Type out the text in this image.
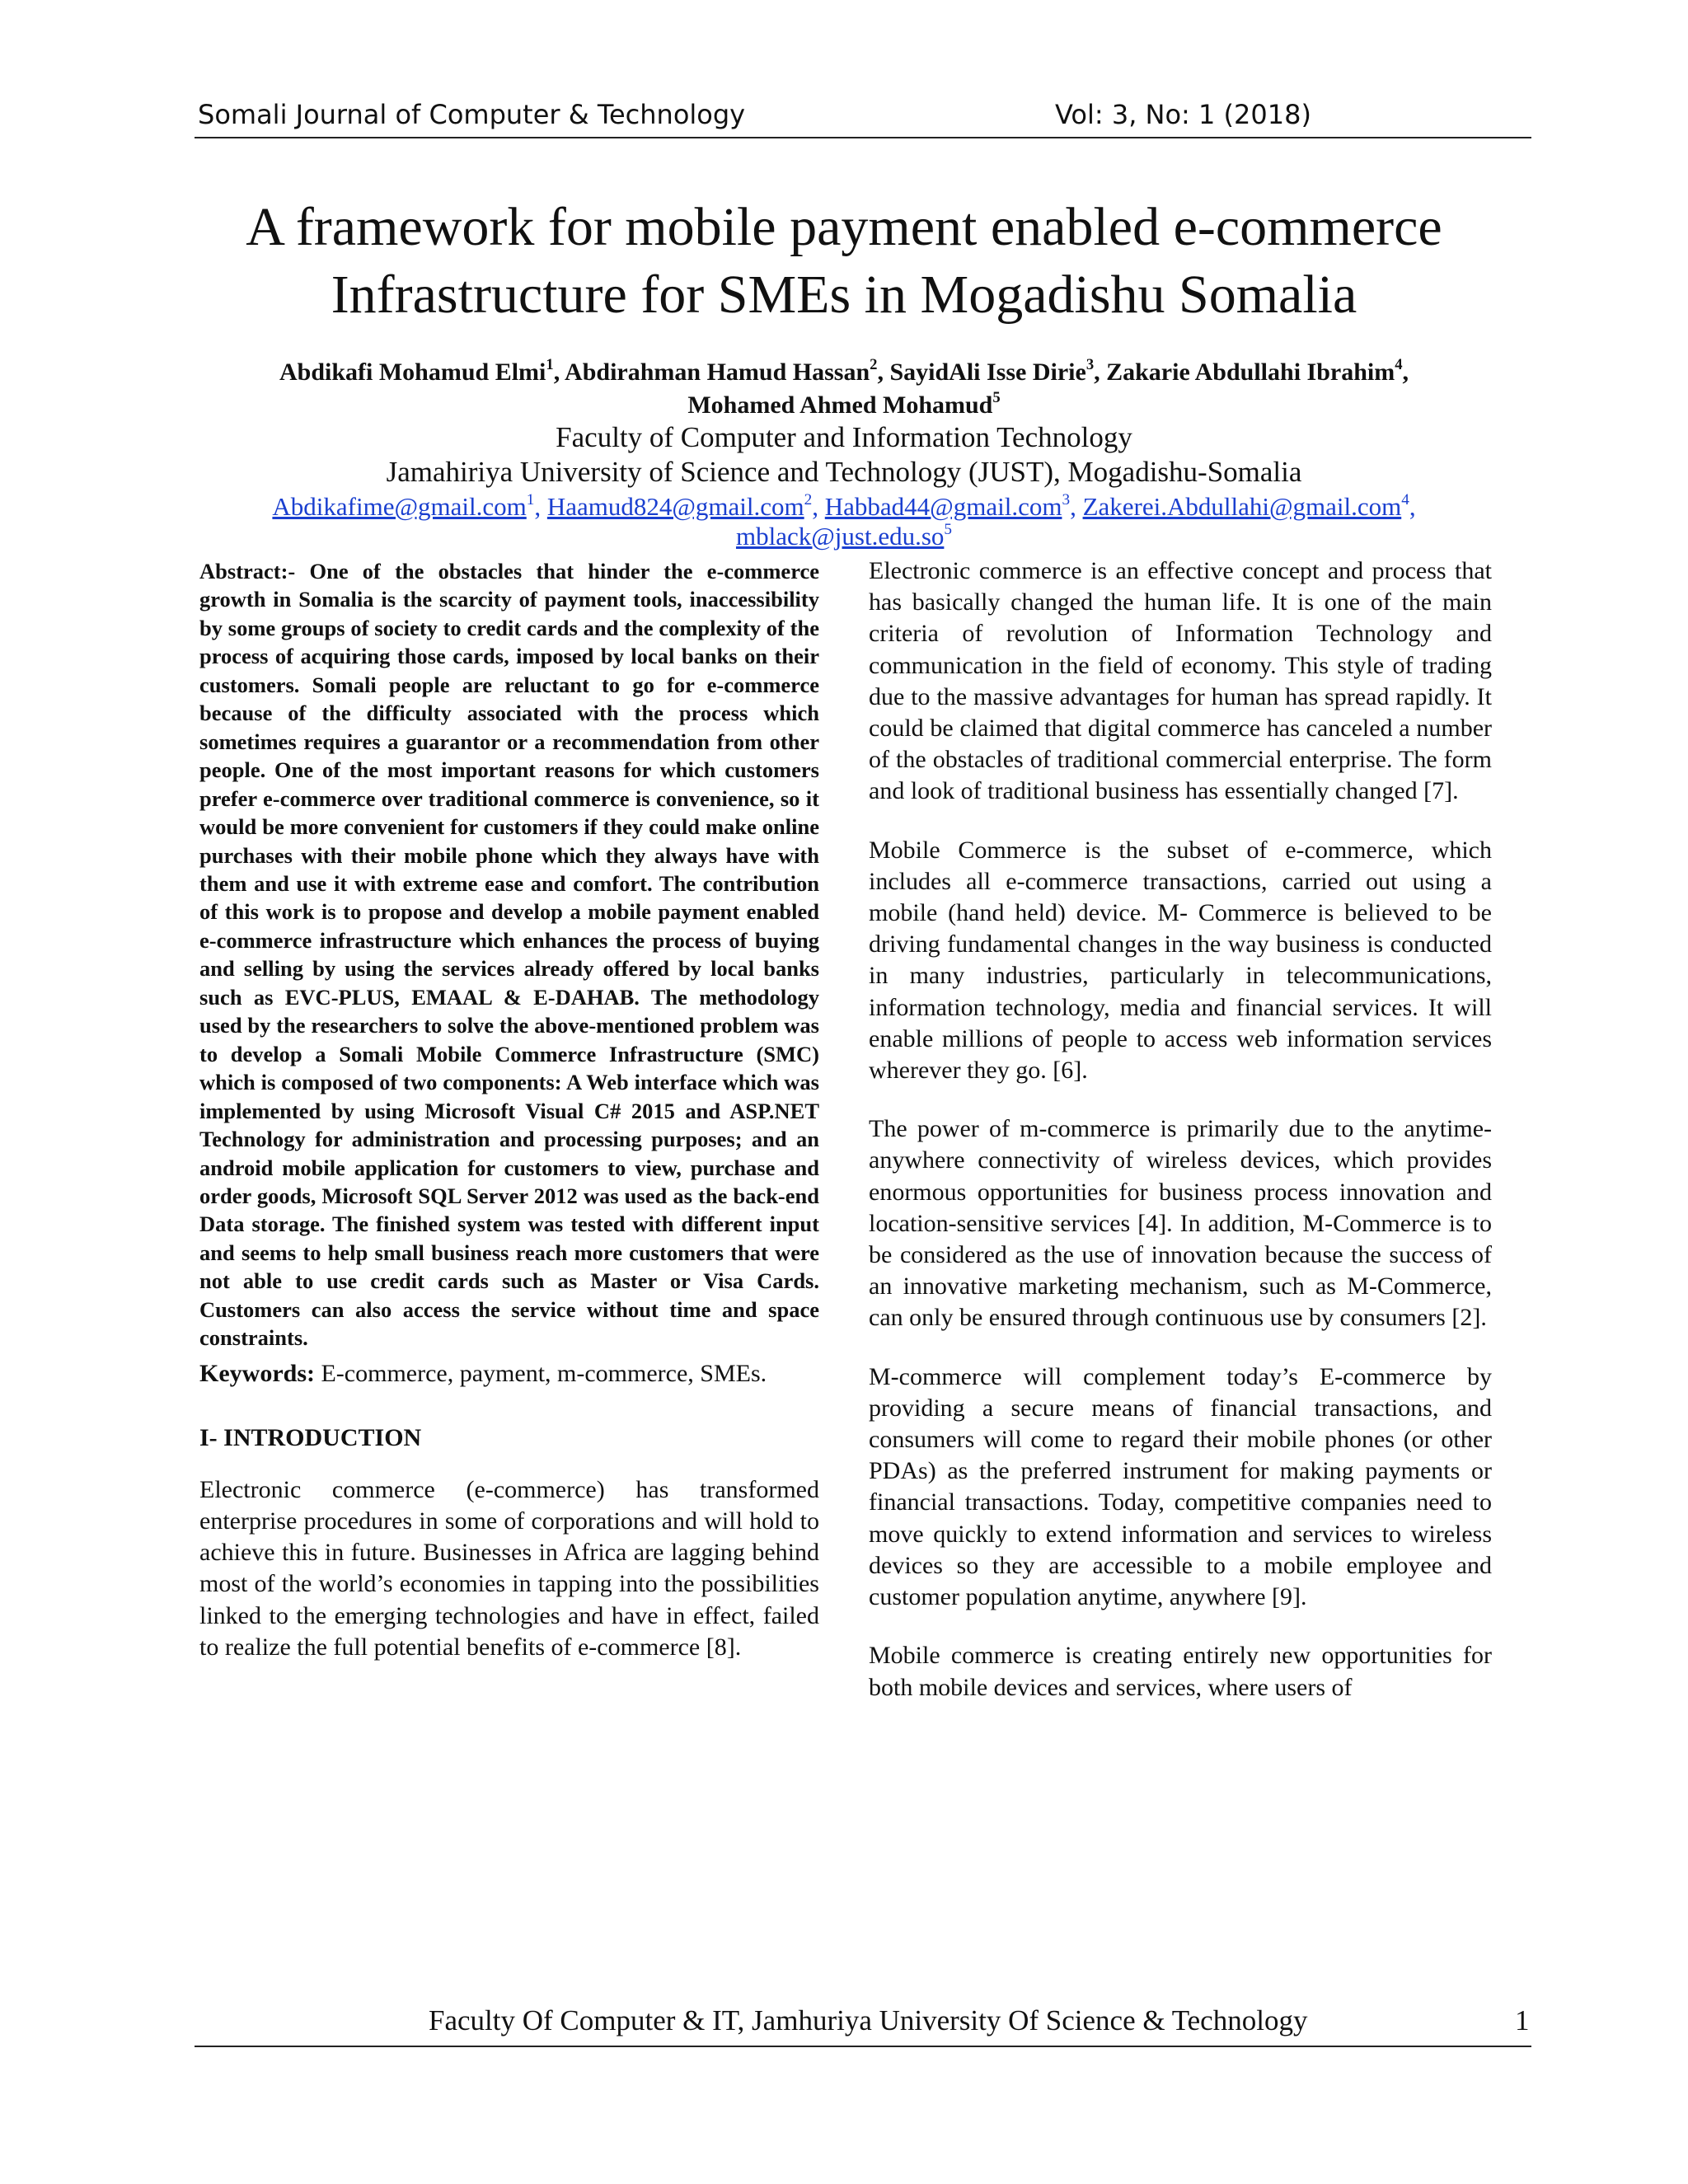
Somali Journal of Computer & Technology	Vol: 3, No: 1 (2018)
A framework for mobile payment enabled e-commerce
Infrastructure for SMEs in Mogadishu Somalia
Abdikafi Mohamud Elmi$^1$, Abdirahman Hamud Hassan$^2$, SayidAli Isse Dirie$^3$, Zakarie Abdullahi Ibrahim$^4$,
Mohamed Ahmed Mohamud$^5$
Faculty of Computer and Information Technology
Jamahiriya University of Science and Technology (JUST), Mogadishu-Somalia
Abdikafime@gmail.com$^1$, Haamud824@gmail.com$^2$, Habbad44@gmail.com$^3$, Zakerei.Abdullahi@gmail.com$^4$,
$mblack@just.edu.so^5$

Abstract:- One of the obstacles that hinder the e-commerce growth in Somalia is the scarcity of payment tools, inaccessibility by some groups of society to credit cards and the complexity of the process of acquiring those cards, imposed by local banks on their customers. Somali people are reluctant to go for e-commerce because of the difficulty associated with the process which sometimes requires a guarantor or a recommendation from other people. One of the most important reasons for which customers prefer e-commerce over traditional commerce is convenience, so it would be more convenient for customers if they could make online purchases with their mobile phone which they always have with them and use it with extreme ease and comfort. The contribution of this work is to propose and develop a mobile payment enabled e-commerce infrastructure which enhances the process of buying and selling by using the services already offered by local banks such as EVC-PLUS, EMAAL & E-DAHAB. The methodology used by the researchers to solve the above-mentioned problem was to develop a Somali Mobile Commerce Infrastructure (SMC) which is composed of two components: A Web interface which was implemented by using Microsoft Visual C# 2015 and ASP.NET Technology for administration and processing purposes; and an android mobile application for customers to view, purchase and order goods, Microsoft SQL Server 2012 was used as the back-end Data storage. The finished system was tested with different input and seems to help small business reach more customers that were not able to use credit cards such as Master or Visa Cards. Customers can also access the service without time and space constraints.

Keywords: E-commerce, payment, m-commerce, SMEs.

I- INTRODUCTION

Electronic commerce (e-commerce) has transformed enterprise procedures in some of corporations and will hold to achieve this in future. Businesses in Africa are lagging behind most of the world’s economies in tapping into the possibilities linked to the emerging technologies and have in effect, failed to realize the full potential benefits of e-commerce [8].

Electronic commerce is an effective concept and process that has basically changed the human life. It is one of the main criteria of revolution of Information Technology and communication in the field of economy. This style of trading due to the massive advantages for human has spread rapidly. It could be claimed that digital commerce has canceled a number of the obstacles of traditional commercial enterprise. The form and look of traditional business has essentially changed [7].

Mobile Commerce is the subset of e-commerce, which includes all e-commerce transactions, carried out using a mobile (hand held) device. M- Commerce is believed to be driving fundamental changes in the way business is conducted in many industries, particularly in telecommunications, information technology, media and financial services. It will enable millions of people to access web information services wherever they go. [6].

The power of m-commerce is primarily due to the anytime-anywhere connectivity of wireless devices, which provides enormous opportunities for business process innovation and location-sensitive services [4]. In addition, M-Commerce is to be considered as the use of innovation because the success of an innovative marketing mechanism, such as M-Commerce, can only be ensured through continuous use by consumers [2].

M-commerce will complement today’s E-commerce by providing a secure means of financial transactions, and consumers will come to regard their mobile phones (or other PDAs) as the preferred instrument for making payments or financial transactions. Today, competitive companies need to move quickly to extend information and services to wireless devices so they are accessible to a mobile employee and customer population anytime, anywhere [9].

Mobile commerce is creating entirely new opportunities for both mobile devices and services, where users of

Faculty Of Computer & IT, Jamhuriya University Of Science & Technology	1
